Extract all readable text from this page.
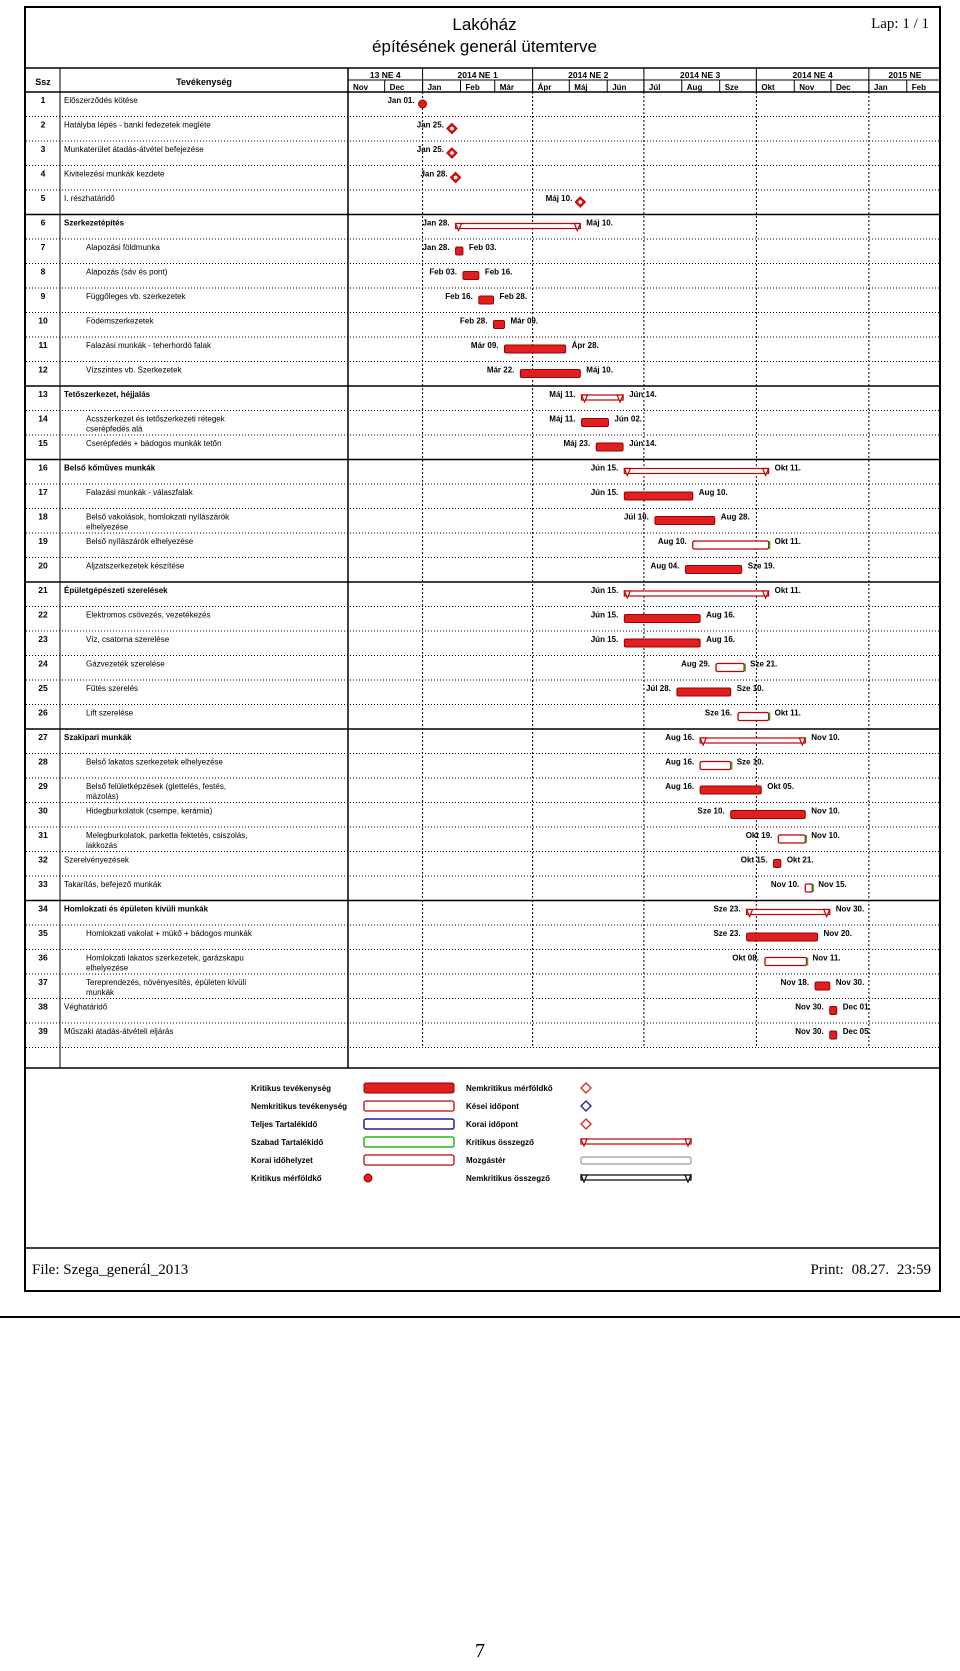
Lakóház
építésének generál ütemterve
Lap: 1 / 1
Ssz	Tevékenység
13 NE 4	2014 NE 1	2014 NE 2	2014 NE 3	2014 NE 4	2015 NE
Nov	Dec	Jan	Feb	Már	Ápr	Máj	Jún	Júl	Aug	Sze	Okt	Nov	Dec	Jan	Feb
1 Előszerződés kötése	Jan 01.
2 Hatályba lépés - banki fedezetek megléte	Jan 25.
3 Munkaterület átadás-átvétel befejezése	Jan 25.
4 Kivitelezési munkák kezdete	Jan 28.
5 I. részhatáridő	Máj 10.
6 Szerkezetépítés	Jan 28.	Máj 10.
7	Alapozási földmunka	Jan 28. Feb 03.
8	Alapozás (sáv és pont)	Feb 03.	Feb 16.
9	Függőleges vb. szerkezetek	Feb 16.	Feb 28.
10	Födémszerkezetek	Feb 28.	Már 09.
11	Falazási munkák - teherhordó falak	Már 09.	Ápr 28.
12	Vízszintes vb. Szerkezetek	Már 22.	Máj 10.
13 Tetőszerkezet, héjjalás	Máj 11.	Jún 14.
14	Acsszerkezet és tetőszerkezeti rétegek
cserépfedés alá
Máj 11.	Jún 02.
15	Cserépfedés + bádogos munkák tetőn	Máj 23.	Jún 14.
16 Belső kőműves munkák	Jún 15.	Okt 11.
17	Falazási munkák - válaszfalak	Jún 15.	Aug 10.
18	Belső vakolások, homlokzati nyílászárók
elhelyezése
Júl 10.	Aug 28.
19	Belső nyílászárók elhelyezése	Aug 10.	Okt 11.
20	Aljzatszerkezetek készítése	Aug 04.	Sze 19.
21 Épületgépészeti szerelések	Jún 15.	Okt 11.
22	Elektromos csövezés, vezetékezés	Jún 15.	Aug 16.
23	Víz, csatorna szerelése	Jún 15.	Aug 16.
24	Gázvezeték szerelése	Aug 29.	Sze 21.
25	Fűtés szerelés	Júl 28.	Sze 10.
26	Lift szerelése	Sze 16.	Okt 11.
27 Szakipari munkák	Aug 16.	Nov 10.
28	Belső lakatos szerkezetek elhelyezése	Aug 16.	Sze 10.
29	Belső felületképzések (glettelés, festés,
mázolás)
Aug 16.	Okt 05.
30	Hidegburkolatok (csempe, kerámia)	Sze 10.	Nov 10.
31	Melegburkolatok, parketta fektetés, csiszolás,
lakkozás
Okt 19.	Nov 10.
32 Szerelvényezések	Okt 15. Okt 21.
33 Takarítás, befejező munkák	Nov 10. Nov 15.
34 Homlokzati és épületen kívüli munkák	Sze 23.	Nov 30.
35	Homlokzati vakolat + mükő + bádogos munkák	Sze 23.	Nov 20.
36	Homlokzati lakatos szerkezetek, garázskapu
elhelyezése
Okt 08.	Nov 11.
37	Tereprendezés, növényesítés, épületen kívüli
munkák
Nov 18.	Nov 30.
38 Véghatáridő	Nov 30. Dec 01.
39 Műszaki átadás-átvételi eljárás	Nov 30. Dec 05.
Kritikus tevékenység
Nemkritikus tevékenység
Teljes Tartalékidő
Szabad Tartalékidő
Korai időhelyzet
Kritikus mérföldkő
Nemkritikus mérföldkő
Kései időpont
Korai időpont
Kritikus összegző
Mozgástér
Nemkritikus összegző
File: Szega_generál_2013	Print: 08.27. 23:59
7
